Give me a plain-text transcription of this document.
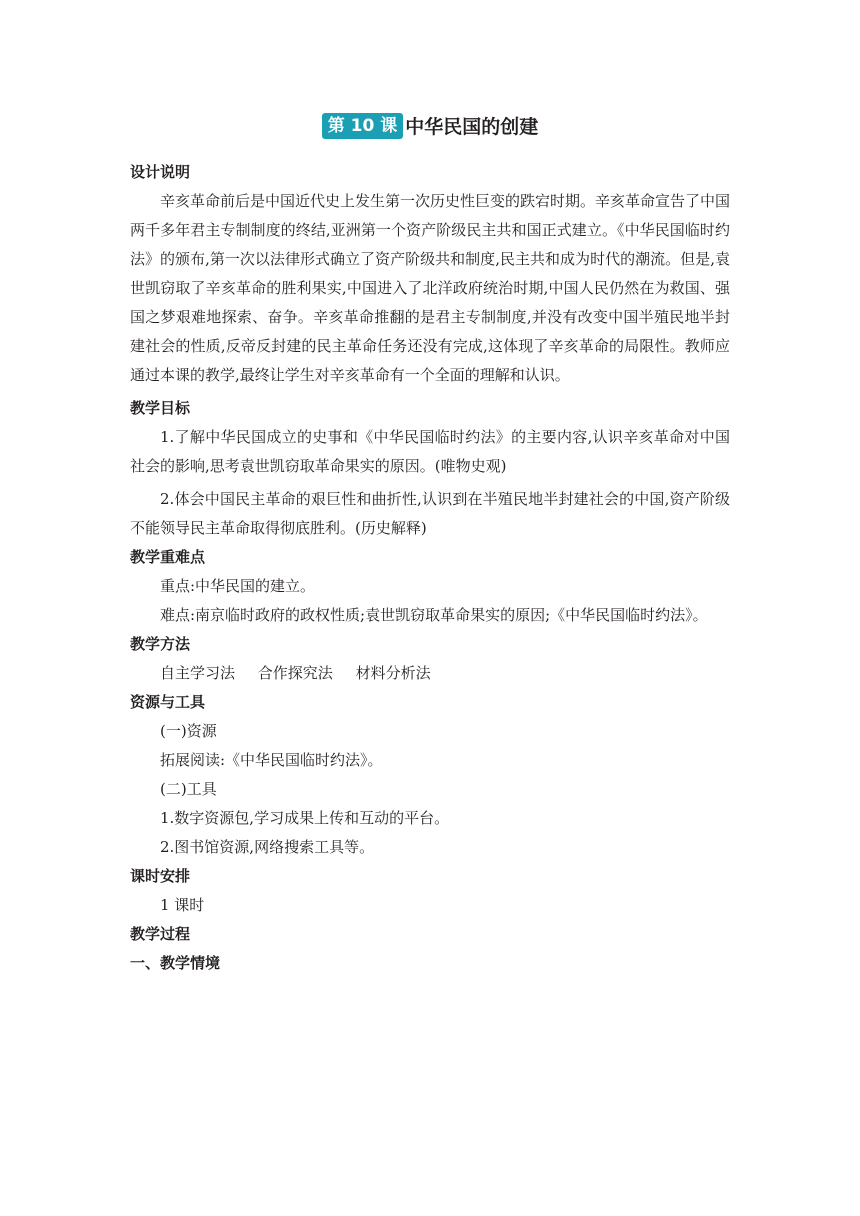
第 10 课 中华民国的创建
设计说明

辛亥革命前后是中国近代史上发生第一次历史性巨变的跌宕时期。辛亥革命宣告了中国两千多年君主专制制度的终结,亚洲第一个资产阶级民主共和国正式建立。《中华民国临时约法》的颁布,第一次以法律形式确立了资产阶级共和制度,民主共和成为时代的潮流。但是,袁世凯窃取了辛亥革命的胜利果实,中国进入了北洋政府统治时期,中国人民仍然在为救国、强国之梦艰难地探索、奋争。辛亥革命推翻的是君主专制制度,并没有改变中国半殖民地半封建社会的性质,反帝反封建的民主革命任务还没有完成,这体现了辛亥革命的局限性。教师应通过本课的教学,最终让学生对辛亥革命有一个全面的理解和认识。

教学目标

1.了解中华民国成立的史事和《中华民国临时约法》的主要内容,认识辛亥革命对中国社会的影响,思考袁世凯窃取革命果实的原因。(唯物史观)

2.体会中国民主革命的艰巨性和曲折性,认识到在半殖民地半封建社会的中国,资产阶级不能领导民主革命取得彻底胜利。(历史解释)

教学重难点

重点:中华民国的建立。

难点:南京临时政府的政权性质;袁世凯窃取革命果实的原因;《中华民国临时约法》。

教学方法

自主学习法 合作探究法 材料分析法

资源与工具

(一)资源

拓展阅读:《中华民国临时约法》。

(二)工具

1.数字资源包,学习成果上传和互动的平台。

2.图书馆资源,网络搜索工具等。

课时安排

1 课时

教学过程
一、教学情境
